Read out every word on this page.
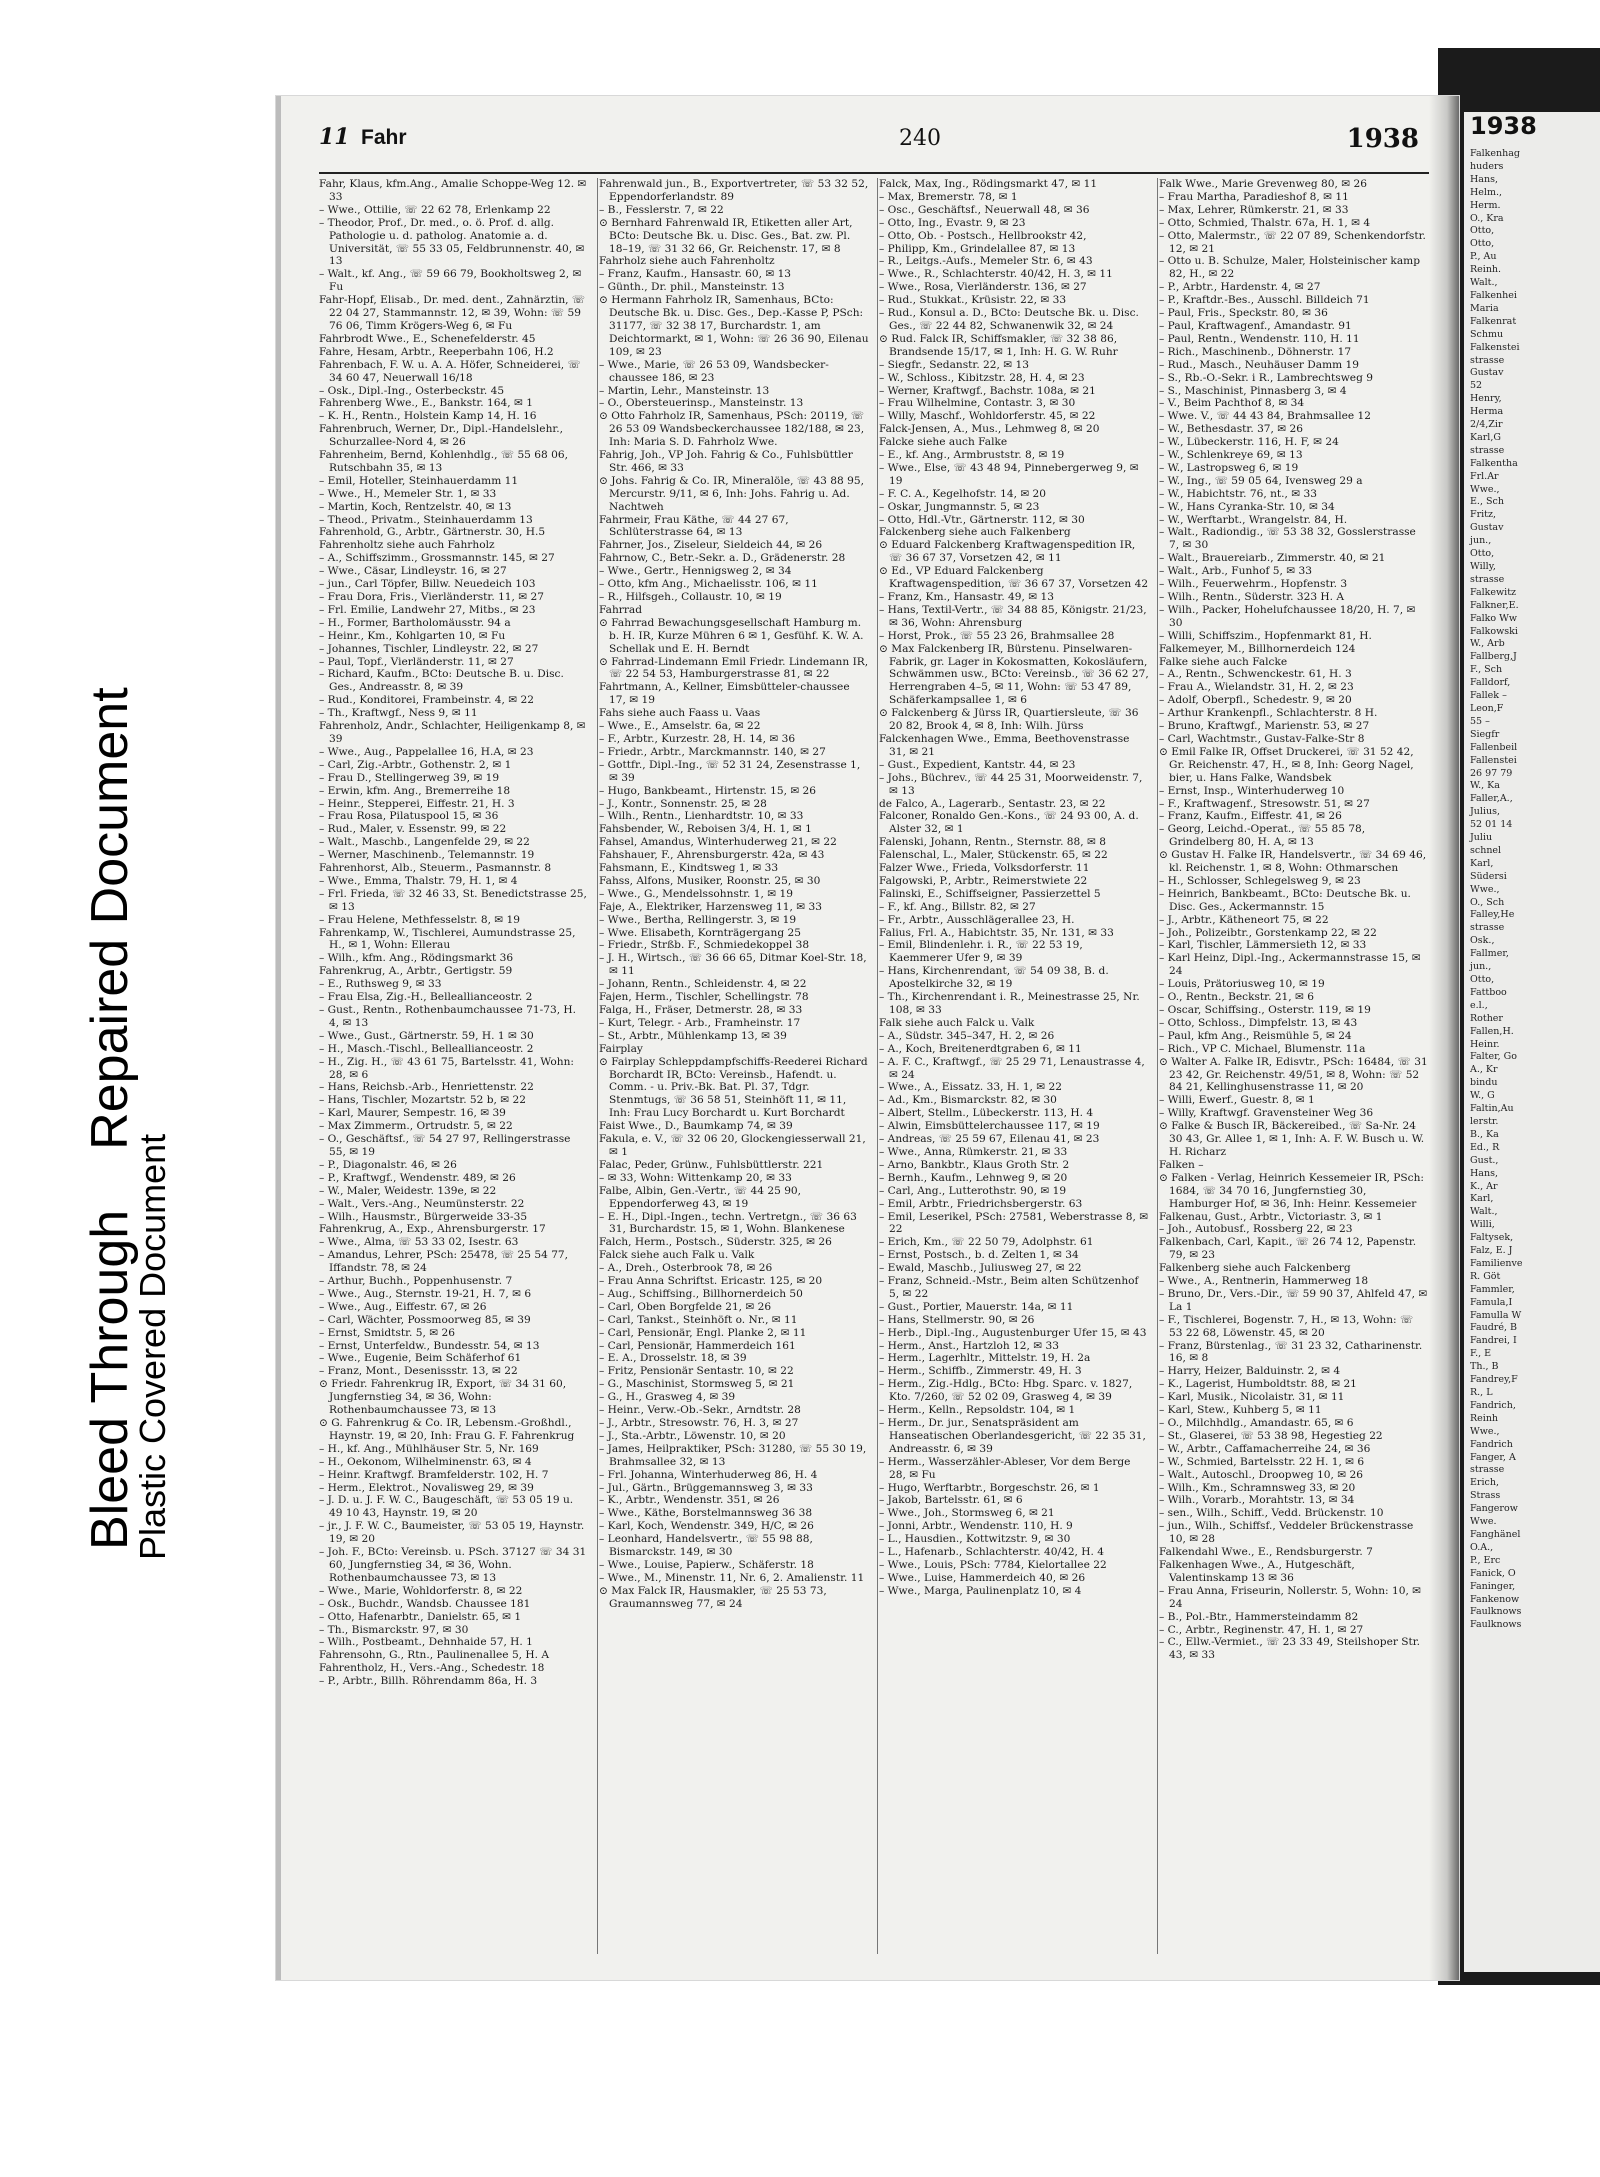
Bleed ThroughRepaired Document
Plastic Covered Document
11 Fahr	240	1938

Fahr, Klaus, kfm.Ang., Amalie Schoppe-Weg 12. ✉ 33

– Wwe., Ottilie, ☏ 22 62 78, Erlenkamp 22

– Theodor, Prof., Dr. med., o. ö. Prof. d. allg. Pathologie u. d. patholog. Anatomie a. d. Universität, ☏ 55 33 05, Feldbrunnenstr. 40, ✉ 13

– Walt., kf. Ang., ☏ 59 66 79, Bookholtsweg 2, ✉ Fu

Fahr-Hopf, Elisab., Dr. med. dent., Zahnärztin, ☏ 22 04 27, Stammannstr. 12, ✉ 39, Wohn: ☏ 59 76 06, Timm Krögers-Weg 6, ✉ Fu

Fahrbrodt Wwe., E., Schenefelderstr. 45

Fahre, Hesam, Arbtr., Reeperbahn 106, H.2

Fahrenbach, F. W. u. A. A. Höfer, Schneiderei, ☏ 34 60 47, Neuerwall 16/18

– Osk., Dipl.-Ing., Osterbeckstr. 45

Fahrenberg Wwe., E., Bankstr. 164, ✉ 1

– K. H., Rentn., Holstein Kamp 14, H. 16

Fahrenbruch, Werner, Dr., Dipl.-Handelslehr., Schurzallee-Nord 4, ✉ 26

Fahrenheim, Bernd, Kohlenhdlg., ☏ 55 68 06, Rutschbahn 35, ✉ 13

– Emil, Hoteller, Steinhauerdamm 11

– Wwe., H., Memeler Str. 1, ✉ 33

– Martin, Koch, Rentzelstr. 40, ✉ 13

– Theod., Privatm., Steinhauerdamm 13

Fahrenhold, G., Arbtr., Gärtnerstr. 30, H.5

Fahrenholtz siehe auch Fahrholz

– A., Schiffszimm., Grossmannstr. 145, ✉ 27

– Wwe., Cäsar, Lindleystr. 16, ✉ 27

– jun., Carl Töpfer, Billw. Neuedeich 103

– Frau Dora, Fris., Vierländerstr. 11, ✉ 27

– Frl. Emilie, Landwehr 27, Mitbs., ✉ 23

– H., Former, Bartholomäusstr. 94 a

– Heinr., Km., Kohlgarten 10, ✉ Fu

– Johannes, Tischler, Lindleystr. 22, ✉ 27

– Paul, Topf., Vierländerstr. 11, ✉ 27

– Richard, Kaufm., BCto: Deutsche B. u. Disc. Ges., Andreasstr. 8, ✉ 39

– Rud., Konditorei, Frambeinstr. 4, ✉ 22

– Th., Kraftwgf., Ness 9, ✉ 11

Fahrenholz, Andr., Schlachter, Heiligenkamp 8, ✉ 39

– Wwe., Aug., Pappelallee 16, H.A, ✉ 23

– Carl, Zig.-Arbtr., Gothenstr. 2, ✉ 1

– Frau D., Stellingerweg 39, ✉ 19

– Erwin, kfm. Ang., Bremerreihe 18

– Heinr., Stepperei, Eiffestr. 21, H. 3

– Frau Rosa, Pilatuspool 15, ✉ 36

– Rud., Maler, v. Essenstr. 99, ✉ 22

– Walt., Maschb., Langenfelde 29, ✉ 22

– Werner, Maschinenb., Telemannstr. 19

Fahrenhorst, Alb., Steuerm., Pasmannstr. 8

– Wwe., Emma, Thalstr. 79, H. 1, ✉ 4

– Frl. Frieda, ☏ 32 46 33, St. Benedictstrasse 25, ✉ 13

– Frau Helene, Methfesselstr. 8, ✉ 19

Fahrenkamp, W., Tischlerei, Aumundstrasse 25, H., ✉ 1, Wohn: Ellerau

– Wilh., kfm. Ang., Rödingsmarkt 36

Fahrenkrug, A., Arbtr., Gertigstr. 59

– E., Ruthsweg 9, ✉ 33

– Frau Elsa, Zig.-H., Belleallianceostr. 2

– Gust., Rentn., Rothenbaumchaussee 71-73, H. 4, ✉ 13

– Wwe., Gust., Gärtnerstr. 59, H. 1 ✉ 30

– H., Masch.-Tischl., Belleallianceostr. 2

– H., Zig. H., ☏ 43 61 75, Bartelsstr. 41, Wohn: 28, ✉ 6

– Hans, Reichsb.-Arb., Henriettenstr. 22

– Hans, Tischler, Mozartstr. 52 b, ✉ 22

– Karl, Maurer, Sempestr. 16, ✉ 39

– Max Zimmerm., Ortrudstr. 5, ✉ 22

– O., Geschäftsf., ☏ 54 27 97, Rellingerstrasse 55, ✉ 19

– P., Diagonalstr. 46, ✉ 26

– P., Kraftwgf., Wendenstr. 489, ✉ 26

– W., Maler, Weidestr. 139e, ✉ 22

– Walt., Vers.-Ang., Neumünsterstr. 22

– Wilh., Hausmstr., Bürgerweide 33-35

Fahrenkrug, A., Exp., Ahrensburgerstr. 17

– Wwe., Alma, ☏ 53 33 02, Isestr. 63

– Amandus, Lehrer, PSch: 25478, ☏ 25 54 77, Iffandstr. 78, ✉ 24

– Arthur, Buchh., Poppenhusenstr. 7

– Wwe., Aug., Sternstr. 19-21, H. 7, ✉ 6

– Wwe., Aug., Eiffestr. 67, ✉ 26

– Carl, Wächter, Possmoorweg 85, ✉ 39

– Ernst, Smidtstr. 5, ✉ 26

– Ernst, Unterfeldw., Bundesstr. 54, ✉ 13

– Wwe., Eugenie, Beim Schäferhof 61

– Franz, Mont., Desenissstr. 13, ✉ 22

⊙ Friedr. Fahrenkrug IR, Export, ☏ 34 31 60, Jungfernstieg 34, ✉ 36, Wohn: Rothenbaumchaussee 73, ✉ 13

⊙ G. Fahrenkrug & Co. IR, Lebensm.-Großhdl., Haynstr. 19, ✉ 20, Inh: Frau G. F. Fahrenkrug

– H., kf. Ang., Mühlhäuser Str. 5, Nr. 169

– H., Oekonom, Wilhelminenstr. 63, ✉ 4

– Heinr. Kraftwgf. Bramfelderstr. 102, H. 7

– Herm., Elektrot., Novalisweg 29, ✉ 39

– J. D. u. J. F. W. C., Baugeschäft, ☏ 53 05 19 u. 49 10 43, Haynstr. 19, ✉ 20

– jr., J. F. W. C., Baumeister, ☏ 53 05 19, Haynstr. 19, ✉ 20

– Joh. F., BCto: Vereinsb. u. PSch. 37127 ☏ 34 31 60, Jungfernstieg 34, ✉ 36, Wohn. Rothenbaumchaussee 73, ✉ 13

– Wwe., Marie, Wohldorferstr. 8, ✉ 22

– Osk., Buchdr., Wandsb. Chaussee 181

– Otto, Hafenarbtr., Danielstr. 65, ✉ 1

– Th., Bismarckstr. 97, ✉ 30

– Wilh., Postbeamt., Dehnhaide 57, H. 1

Fahrensohn, G., Rtn., Paulinenallee 5, H. A

Fahrentholz, H., Vers.-Ang., Schedestr. 18

– P., Arbtr., Billh. Röhrendamm 86a, H. 3

Fahrenwald jun., B., Exportvertreter, ☏ 53 32 52, Eppendorferlandstr. 89

– B., Fesslerstr. 7, ✉ 22

⊙ Bernhard Fahrenwald IR, Etiketten aller Art, BCto: Deutsche Bk. u. Disc. Ges., Bat. zw. Pl. 18–19, ☏ 31 32 66, Gr. Reichenstr. 17, ✉ 8

Fahrholz siehe auch Fahrenholtz

– Franz, Kaufm., Hansastr. 60, ✉ 13

– Günth., Dr. phil., Mansteinstr. 13

⊙ Hermann Fahrholz IR, Samenhaus, BCto: Deutsche Bk. u. Disc. Ges., Dep.-Kasse P, PSch: 31177, ☏ 32 38 17, Burchardstr. 1, am Deichtormarkt, ✉ 1, Wohn: ☏ 26 36 90, Eilenau 109, ✉ 23

– Wwe., Marie, ☏ 26 53 09, Wandsbecker-chaussee 186, ✉ 23

– Martin, Lehr., Mansteinstr. 13

– O., Obersteuerinsp., Mansteinstr. 13

⊙ Otto Fahrholz IR, Samenhaus, PSch: 20119, ☏ 26 53 09 Wandsbeckerchaussee 182/188, ✉ 23, Inh: Maria S. D. Fahrholz Wwe.

Fahrig, Joh., VP Joh. Fahrig & Co., Fuhlsbüttler Str. 466, ✉ 33

⊙ Johs. Fahrig & Co. IR, Mineralöle, ☏ 43 88 95, Mercurstr. 9/11, ✉ 6, Inh: Johs. Fahrig u. Ad. Nachtweh

Fahrmeir, Frau Käthe, ☏ 44 27 67, Schlüterstrasse 64, ✉ 13

Fahrner, Jos., Ziseleur, Sieldeich 44, ✉ 26

Fahrnow, C., Betr.-Sekr. a. D., Grädenerstr. 28

– Wwe., Gertr., Hennigsweg 2, ✉ 34

– Otto, kfm Ang., Michaelisstr. 106, ✉ 11

– R., Hilfsgeh., Collaustr. 10, ✉ 19

Fahrrad

⊙ Fahrrad Bewachungsgesellschaft Hamburg m. b. H. IR, Kurze Mühren 6 ✉ 1, Gesfühf. K. W. A. Schellak und E. H. Berndt

⊙ Fahrrad-Lindemann Emil Friedr. Lindemann IR, ☏ 22 54 53, Hamburgerstrasse 81, ✉ 22

Fahrtmann, A., Kellner, Eimsbütteler-chaussee 17, ✉ 19

Fahs siehe auch Faass u. Vaas

– Wwe., E., Amselstr. 6a, ✉ 22

– F., Arbtr., Kurzestr. 28, H. 14, ✉ 36

– Friedr., Arbtr., Marckmannstr. 140, ✉ 27

– Gottfr., Dipl.-Ing., ☏ 52 31 24, Zesenstrasse 1, ✉ 39

– Hugo, Bankbeamt., Hirtenstr. 15, ✉ 26

– J., Kontr., Sonnenstr. 25, ✉ 28

– Wilh., Rentn., Lienhardtstr. 10, ✉ 33

Fahsbender, W., Reboisen 3/4, H. 1, ✉ 1

Fahsel, Amandus, Winterhuderweg 21, ✉ 22

Fahshauer, F., Ahrensburgerstr. 42a, ✉ 43

Fahsmann, E., Kindtsweg 1, ✉ 33

Fahss, Alfons, Musiker, Roonstr. 25, ✉ 30

– Wwe., G., Mendelssohnstr. 1, ✉ 19

Faje, A., Elektriker, Harzensweg 11, ✉ 33

– Wwe., Bertha, Rellingerstr. 3, ✉ 19

– Wwe. Elisabeth, Kornträgergang 25

– Friedr., Strßb. F., Schmiedekoppel 38

– J. H., Wirtsch., ☏ 36 66 65, Ditmar Koel-Str. 18, ✉ 11

– Johann, Rentn., Schleidenstr. 4, ✉ 22

Fajen, Herm., Tischler, Schellingstr. 78

Falga, H., Fräser, Detmerstr. 28, ✉ 33

– Kurt, Telegr. - Arb., Framheinstr. 17

– St., Arbtr., Mühlenkamp 13, ✉ 39

Fairplay

⊙ Fairplay Schleppdampfschiffs-Reederei Richard Borchardt IR, BCto: Vereinsb., Hafendt. u. Comm. - u. Priv.-Bk. Bat. Pl. 37, Tdgr. Stenmtugs, ☏ 36 58 51, Steinhöft 11, ✉ 11, Inh: Frau Lucy Borchardt u. Kurt Borchardt

Faist Wwe., D., Baumkamp 74, ✉ 39

Fakula, e. V., ☏ 32 06 20, Glockengiesserwall 21, ✉ 1

Falac, Peder, Grünw., Fuhlsbüttlerstr. 221

– ✉ 33, Wohn: Wittenkamp 20, ✉ 33

Falbe, Albin, Gen.-Vertr., ☏ 44 25 90, Eppendorferweg 43, ✉ 19

– E. H., Dipl.-Ingen., techn. Vertretgn., ☏ 36 63 31, Burchardstr. 15, ✉ 1, Wohn. Blankenese

Falch, Herm., Postsch., Süderstr. 325, ✉ 26

Falck siehe auch Falk u. Valk

– A., Dreh., Osterbrook 78, ✉ 26

– Frau Anna Schriftst. Ericastr. 125, ✉ 20

– Aug., Schiffsing., Billhornerdeich 50

– Carl, Oben Borgfelde 21, ✉ 26

– Carl, Tankst., Steinhöft o. Nr., ✉ 11

– Carl, Pensionär, Engl. Planke 2, ✉ 11

– Carl, Pensionär, Hammerdeich 161

– E. A., Drosselstr. 18, ✉ 39

– Fritz, Pensionär Sentastr. 10, ✉ 22

– G., Maschinist, Stormsweg 5, ✉ 21

– G., H., Grasweg 4, ✉ 39

– Heinr., Verw.-Ob.-Sekr., Arndtstr. 28

– J., Arbtr., Stresowstr. 76, H. 3, ✉ 27

– J., Sta.-Arbtr., Löwenstr. 10, ✉ 20

– James, Heilpraktiker, PSch: 31280, ☏ 55 30 19, Brahmsallee 32, ✉ 13

– Frl. Johanna, Winterhuderweg 86, H. 4

– Jul., Gärtn., Brüggemannsweg 3, ✉ 33

– K., Arbtr., Wendenstr. 351, ✉ 26

– Wwe., Käthe, Borstelmannsweg 36 38

– Karl, Koch, Wendenstr. 349, H/C, ✉ 26

– Leonhard, Handelsvertr., ☏ 55 98 88, Bismarckstr. 149, ✉ 30

– Wwe., Louise, Papierw., Schäferstr. 18

– Wwe., M., Minenstr. 11, Nr. 6, 2. Amalienstr. 11

⊙ Max Falck IR, Hausmakler, ☏ 25 53 73, Graumannsweg 77, ✉ 24

Falck, Max, Ing., Rödingsmarkt 47, ✉ 11

– Max, Bremerstr. 78, ✉ 1

– Osc., Geschäftsf., Neuerwall 48, ✉ 36

– Otto, Ing., Evastr. 9, ✉ 23

– Otto, Ob. - Postsch., Hellbrookstr 42,

– Philipp, Km., Grindelallee 87, ✉ 13

– R., Leitgs.-Aufs., Memeler Str. 6, ✉ 43

– Wwe., R., Schlachterstr. 40/42, H. 3, ✉ 11

– Wwe., Rosa, Vierländerstr. 136, ✉ 27

– Rud., Stukkat., Krüsistr. 22, ✉ 33

– Rud., Konsul a. D., BCto: Deutsche Bk. u. Disc. Ges., ☏ 22 44 82, Schwanenwik 32, ✉ 24

⊙ Rud. Falck IR, Schiffsmakler, ☏ 32 38 86, Brandsende 15/17, ✉ 1, Inh: H. G. W. Ruhr

– Siegfr., Sedanstr. 22, ✉ 13

– W., Schloss., Kibitzstr. 28, H. 4, ✉ 23

– Werner, Kraftwgf., Bachstr. 108a, ✉ 21

– Frau Wilhelmine, Contastr. 3, ✉ 30

– Willy, Maschf., Wohldorferstr. 45, ✉ 22

Falck-Jensen, A., Mus., Lehmweg 8, ✉ 20

Falcke siehe auch Falke

– E., kf. Ang., Armbruststr. 8, ✉ 19

– Wwe., Else, ☏ 43 48 94, Pinnebergerweg 9, ✉ 19

– F. C. A., Kegelhofstr. 14, ✉ 20

– Oskar, Jungmannstr. 5, ✉ 23

– Otto, Hdl.-Vtr., Gärtnerstr. 112, ✉ 30

Falckenberg siehe auch Falkenberg

⊙ Eduard Falckenberg Kraftwagenspedition IR, ☏ 36 67 37, Vorsetzen 42, ✉ 11

⊙ Ed., VP Eduard Falckenberg Kraftwagenspedition, ☏ 36 67 37, Vorsetzen 42

– Franz, Km., Hansastr. 49, ✉ 13

– Hans, Textil-Vertr., ☏ 34 88 85, Königstr. 21/23, ✉ 36, Wohn: Ahrensburg

– Horst, Prok., ☏ 55 23 26, Brahmsallee 28

⊙ Max Falckenberg IR, Bürstenu. Pinselwaren-Fabrik, gr. Lager in Kokosmatten, Kokosläufern, Schwämmen usw., BCto: Vereinsb., ☏ 36 62 27, Herrengraben 4–5, ✉ 11, Wohn: ☏ 53 47 89, Schäferkampsallee 1, ✉ 6

⊙ Falckenberg & Jürss IR, Quartiersleute, ☏ 36 20 82, Brook 4, ✉ 8, Inh: Wilh. Jürss

Falckenhagen Wwe., Emma, Beethovenstrasse 31, ✉ 21

– Gust., Expedient, Kantstr. 44, ✉ 23

– Johs., Büchrev., ☏ 44 25 31, Moorweidenstr. 7, ✉ 13

de Falco, A., Lagerarb., Sentastr. 23, ✉ 22

Falconer, Ronaldo Gen.-Kons., ☏ 24 93 00, A. d. Alster 32, ✉ 1

Falenski, Johann, Rentn., Sternstr. 88, ✉ 8

Falenschal, L., Maler, Stückenstr. 65, ✉ 22

Falzer Wwe., Frieda, Volksdorferstr. 11

Falgowski, P., Arbtr., Reimerstwiete 22

Falinski, E., Schiffseigner, Passierzettel 5

– F., kf. Ang., Billstr. 82, ✉ 27

– Fr., Arbtr., Ausschlägerallee 23, H.

Falius, Frl. A., Habichtstr. 35, Nr. 131, ✉ 33

– Emil, Blindenlehr. i. R., ☏ 22 53 19, Kaemmerer Ufer 9, ✉ 39

– Hans, Kirchenrendant, ☏ 54 09 38, B. d. Apostelkirche 32, ✉ 19

– Th., Kirchenrendant i. R., Meinestrasse 25, Nr. 108, ✉ 33

Falk siehe auch Falck u. Valk

– A., Südstr. 345–347, H. 2, ✉ 26

– A., Koch, Breitenerdtgraben 6, ✉ 11

– A. F. C., Kraftwgf., ☏ 25 29 71, Lenaustrasse 4, ✉ 24

– Wwe., A., Eissatz. 33, H. 1, ✉ 22

– Ad., Km., Bismarckstr. 82, ✉ 30

– Albert, Stellm., Lübeckerstr. 113, H. 4

– Alwin, Eimsbüttelerchaussee 117, ✉ 19

– Andreas, ☏ 25 59 67, Eilenau 41, ✉ 23

– Wwe., Anna, Rümkerstr. 21, ✉ 33

– Arno, Bankbtr., Klaus Groth Str. 2

– Bernh., Kaufm., Lehnweg 9, ✉ 20

– Carl, Ang., Lutterothstr. 90, ✉ 19

– Emil, Arbtr., Friedrichsbergerstr. 63

– Emil, Leserikel, PSch: 27581, Weberstrasse 8, ✉ 22

– Erich, Km., ☏ 22 50 79, Adolphstr. 61

– Ernst, Postsch., b. d. Zelten 1, ✉ 34

– Ewald, Maschb., Juliusweg 27, ✉ 22

– Franz, Schneid.-Mstr., Beim alten Schützenhof 5, ✉ 22

– Gust., Portier, Mauerstr. 14a, ✉ 11

– Hans, Stellmerstr. 90, ✉ 26

– Herb., Dipl.-Ing., Augustenburger Ufer 15, ✉ 43

– Herm., Anst., Hartzloh 12, ✉ 33

– Herm., Lagerhltr., Mittelstr. 19, H. 2a

– Herm., Schiffb., Zimmerstr. 49, H. 3

– Herm., Zig.-Hdlg., BCto: Hbg. Sparc. v. 1827, Kto. 7/260, ☏ 52 02 09, Grasweg 4, ✉ 39

– Herm., Kelln., Repsoldstr. 104, ✉ 1

– Herm., Dr. jur., Senatspräsident am Hanseatischen Oberlandesgericht, ☏ 22 35 31, Andreasstr. 6, ✉ 39

– Herm., Wasserzähler-Ableser, Vor dem Berge 28, ✉ Fu

– Hugo, Werftarbtr., Borgeschstr. 26, ✉ 1

– Jakob, Bartelsstr. 61, ✉ 6

– Wwe., Joh., Stormsweg 6, ✉ 21

– Jonni, Arbtr., Wendenstr. 110, H. 9

– L., Hausdien., Kottwitzstr. 9, ✉ 30

– L., Hafenarb., Schlachterstr. 40/42, H. 4

– Wwe., Louis, PSch: 7784, Kielortallee 22

– Wwe., Luise, Hammerdeich 40, ✉ 26

– Wwe., Marga, Paulinenplatz 10, ✉ 4

Falk Wwe., Marie Grevenweg 80, ✉ 26

– Frau Martha, Paradieshof 8, ✉ 11

– Max, Lehrer, Rümkerstr. 21, ✉ 33

– Otto, Schmied, Thalstr. 67a, H. 1, ✉ 4

– Otto, Malermstr., ☏ 22 07 89, Schenkendorfstr. 12, ✉ 21

– Otto u. B. Schulze, Maler, Holsteinischer kamp 82, H., ✉ 22

– P., Arbtr., Hardenstr. 4, ✉ 27

– P., Kraftdr.-Bes., Ausschl. Billdeich 71

– Paul, Fris., Speckstr. 80, ✉ 36

– Paul, Kraftwagenf., Amandastr. 91

– Paul, Rentn., Wendenstr. 110, H. 11

– Rich., Maschinenb., Döhnerstr. 17

– Rud., Masch., Neuhäuser Damm 19

– S., Rb.-O.-Sekr. i R., Lambrechtsweg 9

– S., Maschinist, Pinnasberg 3, ✉ 4

– V., Beim Pachthof 8, ✉ 34

– Wwe. V., ☏ 44 43 84, Brahmsallee 12

– W., Bethesdastr. 37, ✉ 26

– W., Lübeckerstr. 116, H. F, ✉ 24

– W., Schlenkreye 69, ✉ 13

– W., Lastropsweg 6, ✉ 19

– W., Ing., ☏ 59 05 64, Ivensweg 29 a

– W., Habichtstr. 76, nt., ✉ 33

– W., Hans Cyranka-Str. 10, ✉ 34

– W., Werftarbt., Wrangelstr. 84, H.

– Walt., Radiondig., ☏ 53 38 32, Gosslerstrasse 7, ✉ 30

– Walt., Brauereiarb., Zimmerstr. 40, ✉ 21

– Walt., Arb., Funhof 5, ✉ 33

– Wilh., Feuerwehrm., Hopfenstr. 3

– Wilh., Rentn., Süderstr. 323 H. A

– Wilh., Packer, Hohelufchaussee 18/20, H. 7, ✉ 30

– Willi, Schiffszim., Hopfenmarkt 81, H.

Falkemeyer, M., Billhornerdeich 124

Falke siehe auch Falcke

– A., Rentn., Schwenckestr. 61, H. 3

– Frau A., Wielandstr. 31, H. 2, ✉ 23

– Adolf, Oberpfl., Schedestr. 9, ✉ 20

– Arthur Krankenpfl., Schlachterstr. 8 H.

– Bruno, Kraftwgf., Marienstr. 53, ✉ 27

– Carl, Wachtmstr., Gustav-Falke-Str 8

⊙ Emil Falke IR, Offset Druckerei, ☏ 31 52 42, Gr. Reichenstr. 47, H., ✉ 8, Inh: Georg Nagel, bier, u. Hans Falke, Wandsbek

– Ernst, Insp., Winterhuderweg 10

– F., Kraftwagenf., Stresowstr. 51, ✉ 27

– Franz, Kaufm., Eiffestr. 41, ✉ 26

– Georg, Leichd.-Operat., ☏ 55 85 78, Grindelberg 80, H. A, ✉ 13

⊙ Gustav H. Falke IR, Handelsvertr., ☏ 34 69 46, kl. Reichenstr. 1, ✉ 8, Wohn: Othmarschen

– H., Schlosser, Schlegelsweg 9, ✉ 23

– Heinrich, Bankbeamt., BCto: Deutsche Bk. u. Disc. Ges., Ackermannstr. 15

– J., Arbtr., Kätheneort 75, ✉ 22

– Joh., Polizeibtr., Gorstenkamp 22, ✉ 22

– Karl, Tischler, Lämmersieth 12, ✉ 33

– Karl Heinz, Dipl.-Ing., Ackermannstrasse 15, ✉ 24

– Louis, Prätoriusweg 10, ✉ 19

– O., Rentn., Beckstr. 21, ✉ 6

– Oscar, Schiffsing., Osterstr. 119, ✉ 19

– Otto, Schloss., Dimpfelstr. 13, ✉ 43

– Paul, kfm Ang., Reismühle 5, ✉ 24

– Rich., VP C. Michael, Blumenstr. 11a

⊙ Walter A. Falke IR, Edisvtr., PSch: 16484, ☏ 31 23 42, Gr. Reichenstr. 49/51, ✉ 8, Wohn: ☏ 52 84 21, Kellinghusenstrasse 11, ✉ 20

– Willi, Ewerf., Guestr. 8, ✉ 1

– Willy, Kraftwgf. Gravensteiner Weg 36

⊙ Falke & Busch IR, Bäckereibed., ☏ Sa-Nr. 24 30 43, Gr. Allee 1, ✉ 1, Inh: A. F. W. Busch u. W. H. Richarz

Falken –

⊙ Falken - Verlag, Heinrich Kessemeier IR, PSch: 1684, ☏ 34 70 16, Jungfernstieg 30, Hamburger Hof, ✉ 36, Inh: Heinr. Kessemeier

Falkenau, Gust., Arbtr., Victoriastr. 3, ✉ 1

– Joh., Autobusf., Rossberg 22, ✉ 23

Falkenbach, Carl, Kapit., ☏ 26 74 12, Papenstr. 79, ✉ 23

Falkenberg siehe auch Falckenberg

– Wwe., A., Rentnerin, Hammerweg 18

– Bruno, Dr., Vers.-Dir., ☏ 59 90 37, Ahlfeld 47, ✉ La 1

– F., Tischlerei, Bogenstr. 7, H., ✉ 13, Wohn: ☏ 53 22 68, Löwenstr. 45, ✉ 20

– Franz, Bürstenlag., ☏ 31 23 32, Catharinenstr. 16, ✉ 8

– Harry, Heizer, Balduinstr. 2, ✉ 4

– K., Lagerist, Humboldtstr. 88, ✉ 21

– Karl, Musik., Nicolaistr. 31, ✉ 11

– Karl, Stew., Kuhberg 5, ✉ 11

– O., Milchhdlg., Amandastr. 65, ✉ 6

– St., Glaserei, ☏ 53 38 98, Hegestieg 22

– W., Arbtr., Caffamacherreihe 24, ✉ 36

– W., Schmied, Bartelsstr. 22 H. 1, ✉ 6

– Walt., Autoschl., Droopweg 10, ✉ 26

– Wilh., Km., Schramnsweg 33, ✉ 20

– Wilh., Vorarb., Morahtstr. 13, ✉ 34

– sen., Wilh., Schiff., Vedd. Brückenstr. 10

– jun., Wilh., Schiffsf., Veddeler Brückenstrasse 10, ✉ 28

Falkendahl Wwe., E., Rendsburgerstr. 7

Falkenhagen Wwe., A., Hutgeschäft, Valentinskamp 13 ✉ 36

– Frau Anna, Friseurin, Nollerstr. 5, Wohn: 10, ✉ 24

– B., Pol.-Btr., Hammersteindamm 82

– C., Arbtr., Reginenstr. 47, H. 1, ✉ 27

– C., Ellw.-Vermiet., ☏ 23 33 49, Steilshoper Str. 43, ✉ 33

1938
Falkenhag
huders
Hans,
Helm.,
Herm.
O., Kra
Otto,
Otto,
P., Au
Reinh.
Walt.,
Falkenhei
Maria
Falkenrat
Schmu
Falkenstei
strasse
Gustav
52
Henry,
Herma
2/4,Zir
Karl,G
strasse
Falkentha
Frl.Ar
Wwe.,
E., Sch
Fritz,
Gustav
jun.,
Otto,
Willy,
strasse
Falkewitz
Falkner,E.
Falko Ww
Falkowski
W., Arb
Fallberg,J
F., Sch
Falldorf,
Fallek –
Leon,F
55 –
Siegfr
Fallenbeil
Fallenstei
26 97 79
W., Ka
Faller,A.,
Julius,
52 01 14
Juliu
schnel
Karl,
Südersi
Wwe.,
O., Sch
Falley,He
strasse
Osk.,
Fallmer,
jun.,
Otto,
Fattboo
e.l.,
Rother
Fallen,H.
Heinr.
Falter, Go
A., Kr
bindu
W., G
Faltin,Au
lerstr.
B., Ka
Ed., R
Gust.,
Hans,
K., Ar
Karl,
Walt.,
Willi,
Faltysek,
Falz, E. J
Familienve
R. Göt
Fammler,
Famula,I
Famulla W
Faudré, B
Fandrei, I
F., E
Th., B
Fandrey,F
R., L
Fandrich,
Reinh
Wwe.,
Fandrich
Fanger, A
strasse
Erich,
Strass
Fangerow
Wwe.
Fanghänel
O.A.,
P., Erc
Fanick, O
Faninger,
Fankenow
Faulknows
Faulknows
